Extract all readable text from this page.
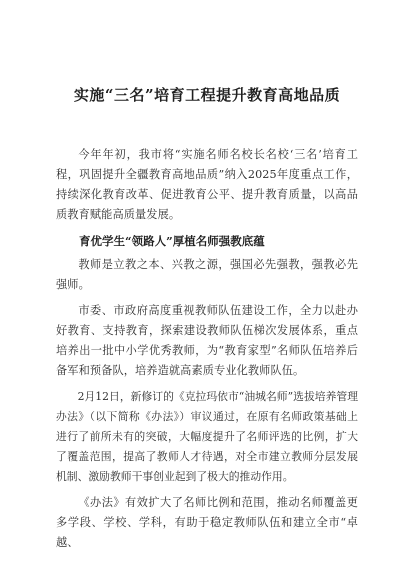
实施“三名”培育工程提升教育高地品质

今年年初，我市将“实施名师名校长名校‘三名’培育工程，巩固提升全疆教育高地品质”纳入2025年度重点工作，持续深化教育改革、促进教育公平、提升教育质量，以高品质教育赋能高质量发展。

育优学生“领路人”厚植名师强教底蕴

教师是立教之本、兴教之源，强国必先强教，强教必先强师。

市委、市政府高度重视教师队伍建设工作，全力以赴办好教育、支持教育，探索建设教师队伍梯次发展体系，重点培养出一批中小学优秀教师，为“教育家型”名师队伍培养后备军和预备队，培养造就高素质专业化教师队伍。

2月12日，新修订的《克拉玛依市“油城名师”选拔培养管理办法》（以下简称《办法》）审议通过，在原有名师政策基础上进行了前所未有的突破，大幅度提升了名师评选的比例，扩大了覆盖范围，提高了教师人才待遇，对全市建立教师分层发展机制、激励教师干事创业起到了极大的推动作用。

《办法》有效扩大了名师比例和范围，推动名师覆盖更多学段、学校、学科，有助于稳定教师队伍和建立全市“卓越、
